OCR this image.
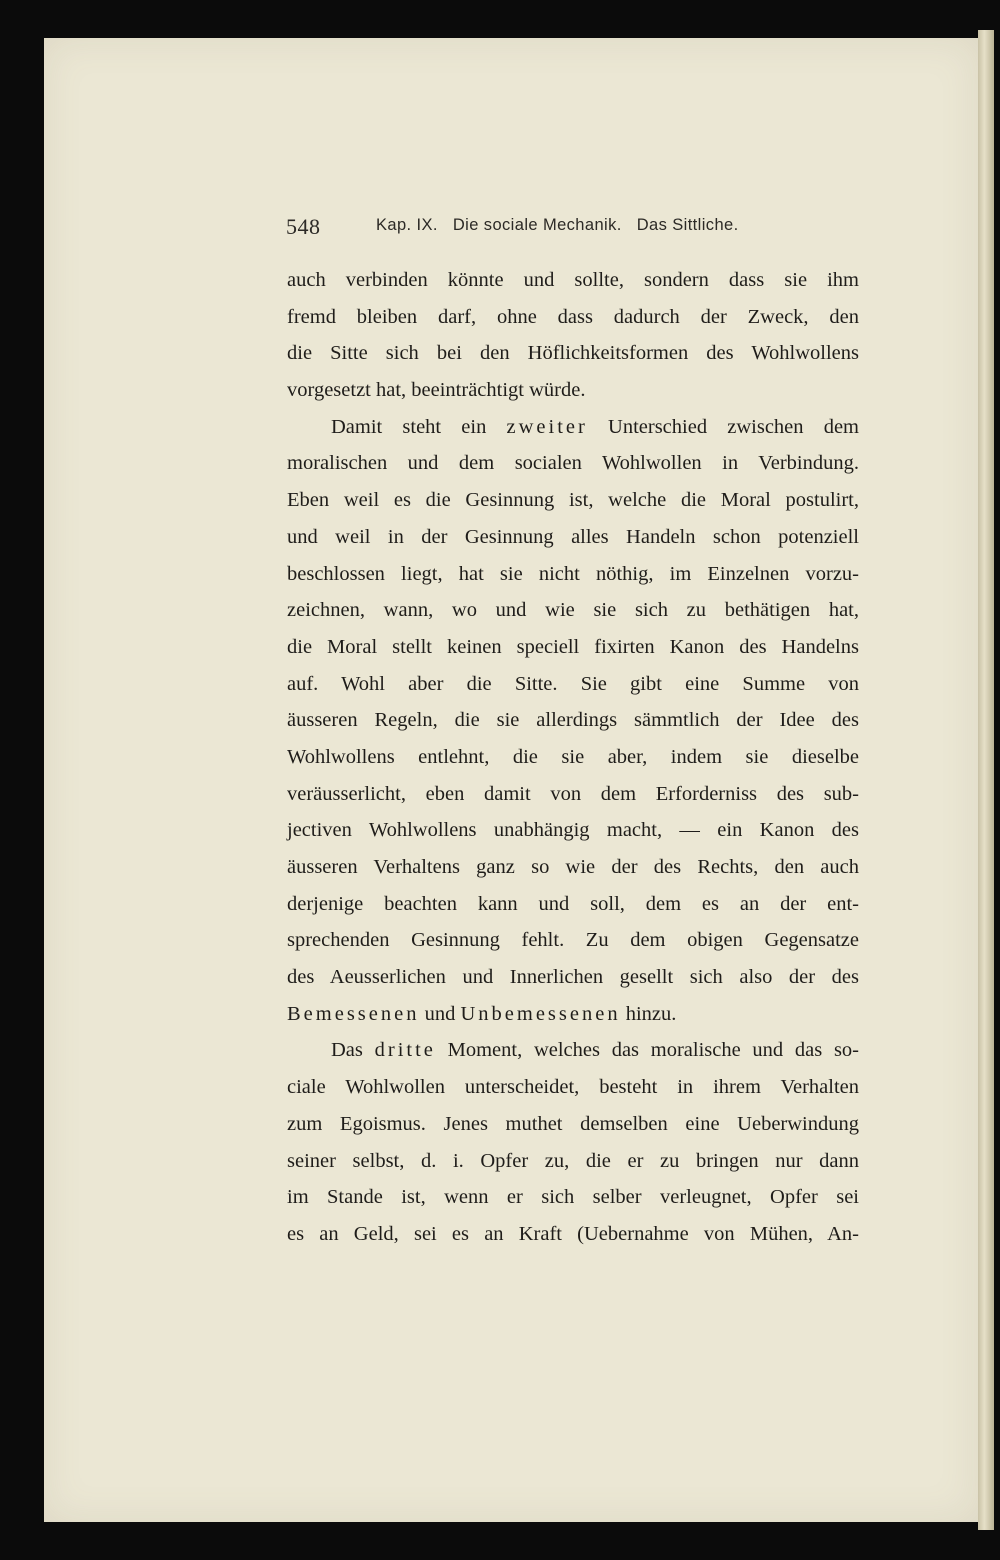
548	Kap. IX.   Die sociale Mechanik.   Das Sittliche.
auch verbinden könnte und sollte, sondern dass sie ihm
fremd bleiben darf, ohne dass dadurch der Zweck, den
die Sitte sich bei den Höflichkeitsformen des Wohlwollens
vorgesetzt hat, beeinträchtigt würde.
Damit steht ein zweiter Unterschied zwischen dem
moralischen und dem socialen Wohlwollen in Verbindung.
Eben weil es die Gesinnung ist, welche die Moral postulirt,
und weil in der Gesinnung alles Handeln schon potenziell
beschlossen liegt, hat sie nicht nöthig, im Einzelnen vorzu-
zeichnen, wann, wo und wie sie sich zu bethätigen hat,
die Moral stellt keinen speciell fixirten Kanon des Handelns
auf. Wohl aber die Sitte. Sie gibt eine Summe von
äusseren Regeln, die sie allerdings sämmtlich der Idee des
Wohlwollens entlehnt, die sie aber, indem sie dieselbe
veräusserlicht, eben damit von dem Erforderniss des sub-
jectiven Wohlwollens unabhängig macht, — ein Kanon des
äusseren Verhaltens ganz so wie der des Rechts, den auch
derjenige beachten kann und soll, dem es an der ent-
sprechenden Gesinnung fehlt. Zu dem obigen Gegensatze
des Aeusserlichen und Innerlichen gesellt sich also der des
Bemessenen und Unbemessenen hinzu.
Das dritte Moment, welches das moralische und das so-
ciale Wohlwollen unterscheidet, besteht in ihrem Verhalten
zum Egoismus. Jenes muthet demselben eine Ueberwindung
seiner selbst, d. i. Opfer zu, die er zu bringen nur dann
im Stande ist, wenn er sich selber verleugnet, Opfer sei
es an Geld, sei es an Kraft (Uebernahme von Mühen, An-
